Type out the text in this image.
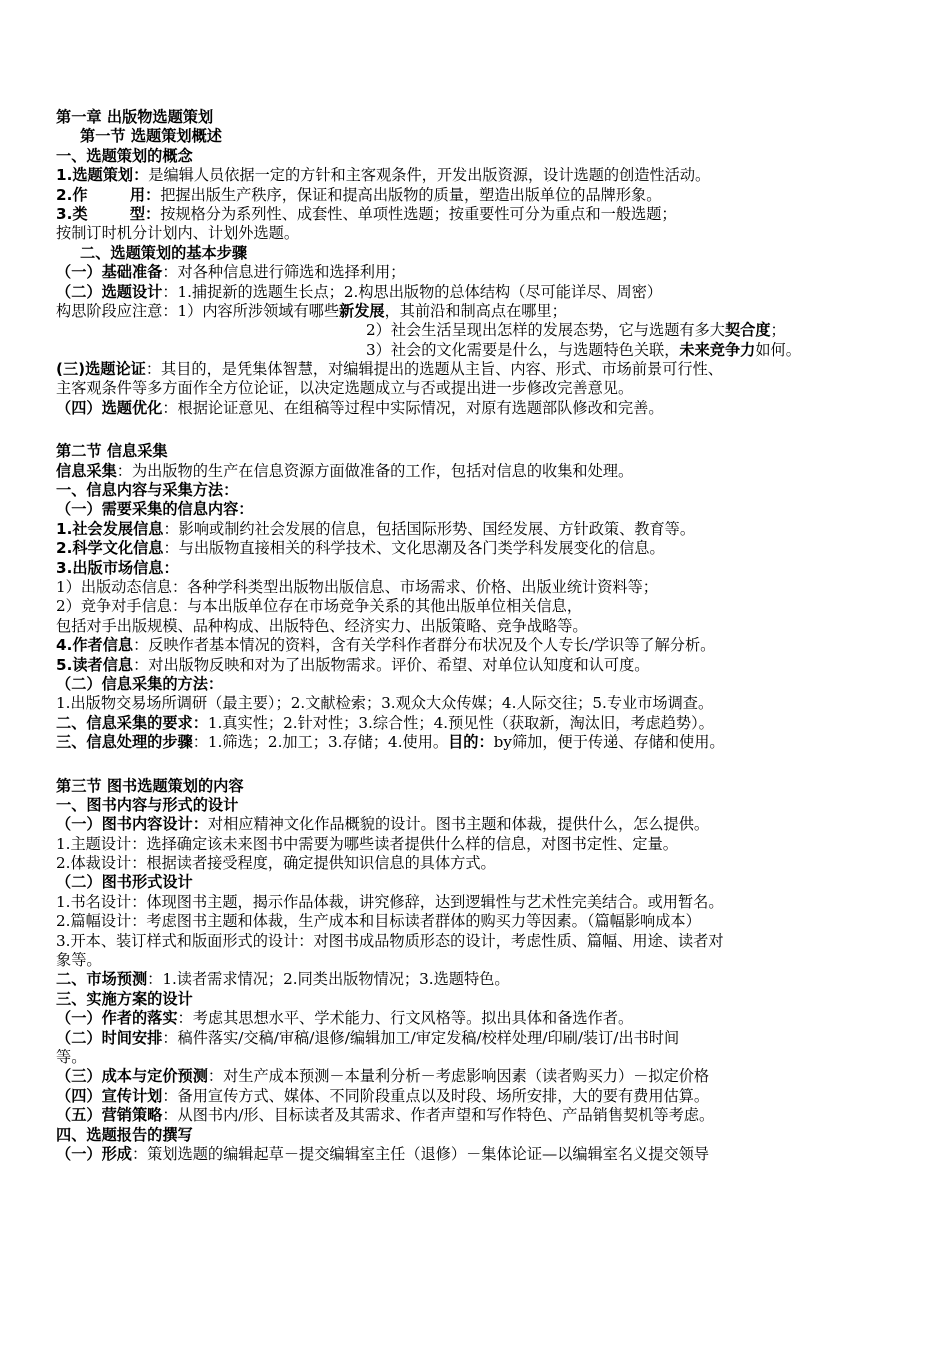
第一章 出版物选题策划
第一节 选题策划概述
一、选题策划的概念
1.选题策划：是编辑人员依据一定的方针和主客观条件，开发出版资源，设计选题的创造性活动。
2.作        用：把握出版生产秩序，保证和提高出版物的质量，塑造出版单位的品牌形象。
3.类        型：按规格分为系列性、成套性、单项性选题；按重要性可分为重点和一般选题；
按制订时机分计划内、计划外选题。
二、选题策划的基本步骤
（一）基础准备：对各种信息进行筛选和选择利用；
（二）选题设计：1.捕捉新的选题生长点；2.构思出版物的总体结构（尽可能详尽、周密）
构思阶段应注意：1）内容所涉领域有哪些新发展，其前沿和制高点在哪里；
2）社会生活呈现出怎样的发展态势，它与选题有多大契合度；
3）社会的文化需要是什么，与选题特色关联，未来竞争力如何。
(三)选题论证：其目的，是凭集体智慧，对编辑提出的选题从主旨、内容、形式、市场前景可行性、
主客观条件等多方面作全方位论证，以决定选题成立与否或提出进一步修改完善意见。
（四）选题优化：根据论证意见、在组稿等过程中实际情况，对原有选题部队修改和完善。
第二节 信息采集
信息采集：为出版物的生产在信息资源方面做准备的工作，包括对信息的收集和处理。
一、信息内容与采集方法：
（一）需要采集的信息内容：
1.社会发展信息：影响或制约社会发展的信息，包括国际形势、国经发展、方针政策、教育等。
2.科学文化信息：与出版物直接相关的科学技术、文化思潮及各门类学科发展变化的信息。
3.出版市场信息：
1）出版动态信息：各种学科类型出版物出版信息、市场需求、价格、出版业统计资料等；
2）竞争对手信息：与本出版单位存在市场竞争关系的其他出版单位相关信息，
包括对手出版规模、品种构成、出版特色、经济实力、出版策略、竞争战略等。
4.作者信息：反映作者基本情况的资料，含有关学科作者群分布状况及个人专长/学识等了解分析。
5.读者信息：对出版物反映和对为了出版物需求。评价、希望、对单位认知度和认可度。
（二）信息采集的方法：
1.出版物交易场所调研（最主要）；2.文献检索；3.观众大众传媒；4.人际交往；5.专业市场调查。
二、信息采集的要求：1.真实性；2.针对性；3.综合性；4.预见性（获取新，淘汰旧，考虑趋势）。
三、信息处理的步骤：1.筛选；2.加工；3.存储；4.使用。目的：by筛加，便于传递、存储和使用。
第三节 图书选题策划的内容
一、图书内容与形式的设计
（一）图书内容设计：对相应精神文化作品概貌的设计。图书主题和体裁，提供什么，怎么提供。
1.主题设计：选择确定该未来图书中需要为哪些读者提供什么样的信息，对图书定性、定量。
2.体裁设计：根据读者接受程度，确定提供知识信息的具体方式。
（二）图书形式设计
1.书名设计：体现图书主题，揭示作品体裁，讲究修辞，达到逻辑性与艺术性完美结合。或用暂名。
2.篇幅设计：考虑图书主题和体裁，生产成本和目标读者群体的购买力等因素。（篇幅影响成本）
3.开本、装订样式和版面形式的设计：对图书成品物质形态的设计，考虑性质、篇幅、用途、读者对
象等。
二、市场预测：1.读者需求情况；2.同类出版物情况；3.选题特色。
三、实施方案的设计
（一）作者的落实：考虑其思想水平、学术能力、行文风格等。拟出具体和备选作者。
（二）时间安排：稿件落实/交稿/审稿/退修/编辑加工/审定发稿/校样处理/印刷/装订/出书时间
等。
（三）成本与定价预测：对生产成本预测－本量利分析－考虑影响因素（读者购买力）－拟定价格
（四）宣传计划：备用宣传方式、媒体、不同阶段重点以及时段、场所安排，大的要有费用估算。
（五）营销策略：从图书内/形、目标读者及其需求、作者声望和写作特色、产品销售契机等考虑。
四、选题报告的撰写
（一）形成：策划选题的编辑起草－提交编辑室主任（退修）－集体论证—以编辑室名义提交领导
